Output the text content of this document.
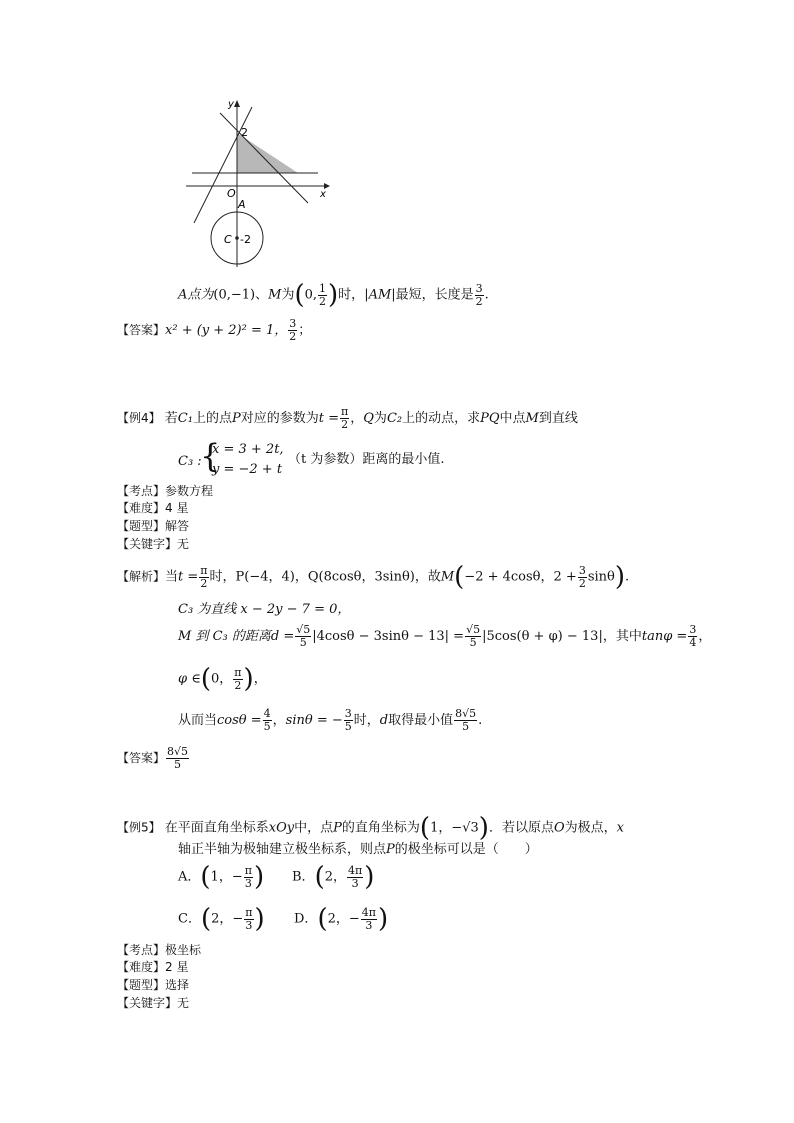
x
y
O
A
C
2
-2
A点为(0,−1)、M为(0, $\frac{1}{2}$ )时，|AM|最短，长度是 $\frac{3}{2}$ .
【答案】x² + (y + 2)² = 1， $\frac{3}{2}$ ；
【例4】 若C₁上的点P对应的参数为$t = \frac{\pi}{2}$ ，Q为C₂上的动点，求PQ中点M到直线
C₃ :
{
x = 3 + 2t,
y = −2 + t
（t 为参数）距离的最小值.
【考点】参数方程
【难度】4 星
【题型】解答
【关键字】无
【解析】当$t = \frac{\pi}{2}$ 时，P(−4，4)，Q(8cosθ，3sinθ)，故M(−2 + 4cosθ，$2 + \frac{3}{2} \sin\theta$).
C₃ 为直线 x − 2y − 7 = 0，
M 到 C₃ 的距离$d = \frac{√5}{5} |4\cos\theta - 3\sin\theta - 13| = \frac{√5}{5} |5\cos(\theta + \varphi) - 13|$，其中$\tan\varphi = \frac{3}{4}$ ，
φ ∈(0， $\frac{\pi}{2}$ )，
从而当$\cos\theta = \frac{4}{5}$ ，sinθ = − $\frac{3}{5}$ 时，d取得最小值 $\frac{8√5}{5}$ .
【答案】 $\frac{8√5}{5}$
【例5】 在平面直角坐标系xOy中，点P的直角坐标为(1，−√3)．若以原点O为极点，x
轴正半轴为极轴建立极坐标系，则点P的极坐标可以是（　　）
A．(1，− $\frac{\pi}{3}$ ) B．(2， $\frac{4\pi}{3}$ )
C．(2，− $\frac{\pi}{3}$ ) D．(2，− $\frac{4\pi}{3}$ )
【考点】极坐标
【难度】2 星
【题型】选择
【关键字】无
